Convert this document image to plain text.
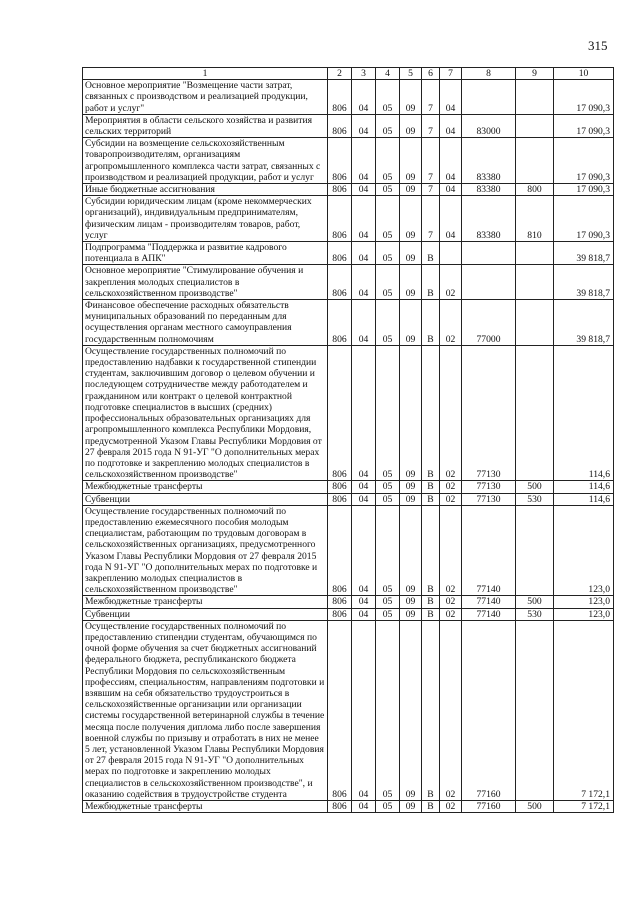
315
1	2	3	4	5	6	7	8	9	10
Основное мероприятие "Возмещение части затрат, связанных с производством и реализацией продукции, работ и услуг"	806	04	05	09	7	04			17 090,3
Мероприятия в области сельского хозяйства и развития сельских территорий	806	04	05	09	7	04	83000		17 090,3
Субсидии на возмещение сельскохозяйственным товаропроизводителям, организациям агропромышленного комплекса части затрат, связанных с производством и реализацией продукции, работ и услуг	806	04	05	09	7	04	83380		17 090,3
Иные бюджетные ассигнования	806	04	05	09	7	04	83380	800	17 090,3
Субсидии юридическим лицам (кроме некоммерческих организаций), индивидуальным предпринимателям, физическим лицам - производителям товаров, работ, услуг	806	04	05	09	7	04	83380	810	17 090,3
Подпрограмма "Поддержка и развитие кадрового потенциала в АПК"	806	04	05	09	В				39 818,7
Основное мероприятие "Стимулирование обучения и закрепления молодых специалистов в сельскохозяйственном производстве"	806	04	05	09	В	02			39 818,7
Финансовое обеспечение расходных обязательств муниципальных образований по переданным для осуществления органам местного самоуправления государственным полномочиям	806	04	05	09	В	02	77000		39 818,7
Осуществление государственных полномочий по предоставлению надбавки к государственной стипендии студентам, заключившим договор о целевом обучении и последующем сотрудничестве между работодателем и гражданином или контракт о целевой контрактной подготовке специалистов в высших (средних) профессиональных образовательных организациях для агропромышленного комплекса Республики Мордовия, предусмотренной Указом Главы Республики Мордовия от 27 февраля 2015 года N 91-УГ "О дополнительных мерах по подготовке и закреплению молодых специалистов в сельскохозяйственном производстве"	806	04	05	09	В	02	77130		114,6
Межбюджетные трансферты	806	04	05	09	В	02	77130	500	114,6
Субвенции	806	04	05	09	В	02	77130	530	114,6
Осуществление государственных полномочий по предоставлению ежемесячного пособия молодым специалистам, работающим по трудовым договорам в сельскохозяйственных организациях, предусмотренного Указом Главы Республики Мордовия от 27 февраля 2015 года N 91-УГ "О дополнительных мерах по подготовке и закреплению молодых специалистов в сельскохозяйственном производстве"	806	04	05	09	В	02	77140		123,0
Межбюджетные трансферты	806	04	05	09	В	02	77140	500	123,0
Субвенции	806	04	05	09	В	02	77140	530	123,0
Осуществление государственных полномочий по предоставлению стипендии студентам, обучающимся по очной форме обучения за счет бюджетных ассигнований федерального бюджета, республиканского бюджета Республики Мордовия по сельскохозяйственным профессиям, специальностям, направлениям подготовки и взявшим на себя обязательство трудоустроиться в сельскохозяйственные организации или организации системы государственной ветеринарной службы в течение месяца после получения диплома либо после завершения военной службы по призыву и отработать в них не менее 5 лет, установленной Указом Главы Республики Мордовия от 27 февраля 2015 года N 91-УГ "О дополнительных мерах по подготовке и закреплению молодых специалистов в сельскохозяйственном производстве", и оказанию содействия в трудоустройстве студента	806	04	05	09	В	02	77160		7 172,1
Межбюджетные трансферты	806	04	05	09	В	02	77160	500	7 172,1
